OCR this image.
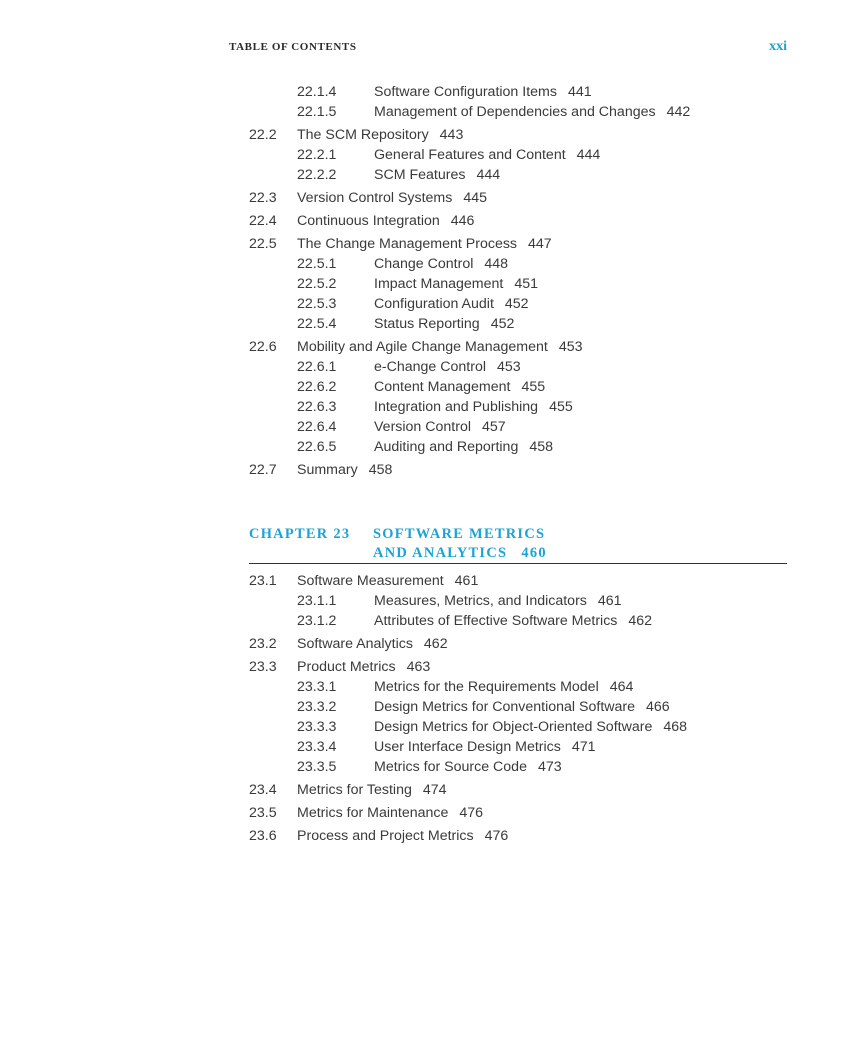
TABLE OF CONTENTS	xxi
22.1.4	Software Configuration Items 441
22.1.5	Management of Dependencies and Changes 442
22.2 The SCM Repository 443
22.2.1	General Features and Content 444
22.2.2	SCM Features 444
22.3 Version Control Systems 445
22.4 Continuous Integration 446
22.5 The Change Management Process 447
22.5.1	Change Control 448
22.5.2	Impact Management 451
22.5.3	Configuration Audit 452
22.5.4	Status Reporting 452
22.6 Mobility and Agile Change Management 453
22.6.1	e-Change Control 453
22.6.2	Content Management 455
22.6.3	Integration and Publishing 455
22.6.4	Version Control 457
22.6.5	Auditing and Reporting 458
22.7 Summary 458
CHAPTER 23 SOFTWARE METRICS
AND ANALYTICS 460
23.1 Software Measurement 461
23.1.1	Measures, Metrics, and Indicators 461
23.1.2	Attributes of Effective Software Metrics 462
23.2 Software Analytics 462
23.3 Product Metrics 463
23.3.1	Metrics for the Requirements Model 464
23.3.2	Design Metrics for Conventional Software 466
23.3.3	Design Metrics for Object-Oriented Software 468
23.3.4	User Interface Design Metrics 471
23.3.5	Metrics for Source Code 473
23.4 Metrics for Testing 474
23.5 Metrics for Maintenance 476
23.6 Process and Project Metrics 476
